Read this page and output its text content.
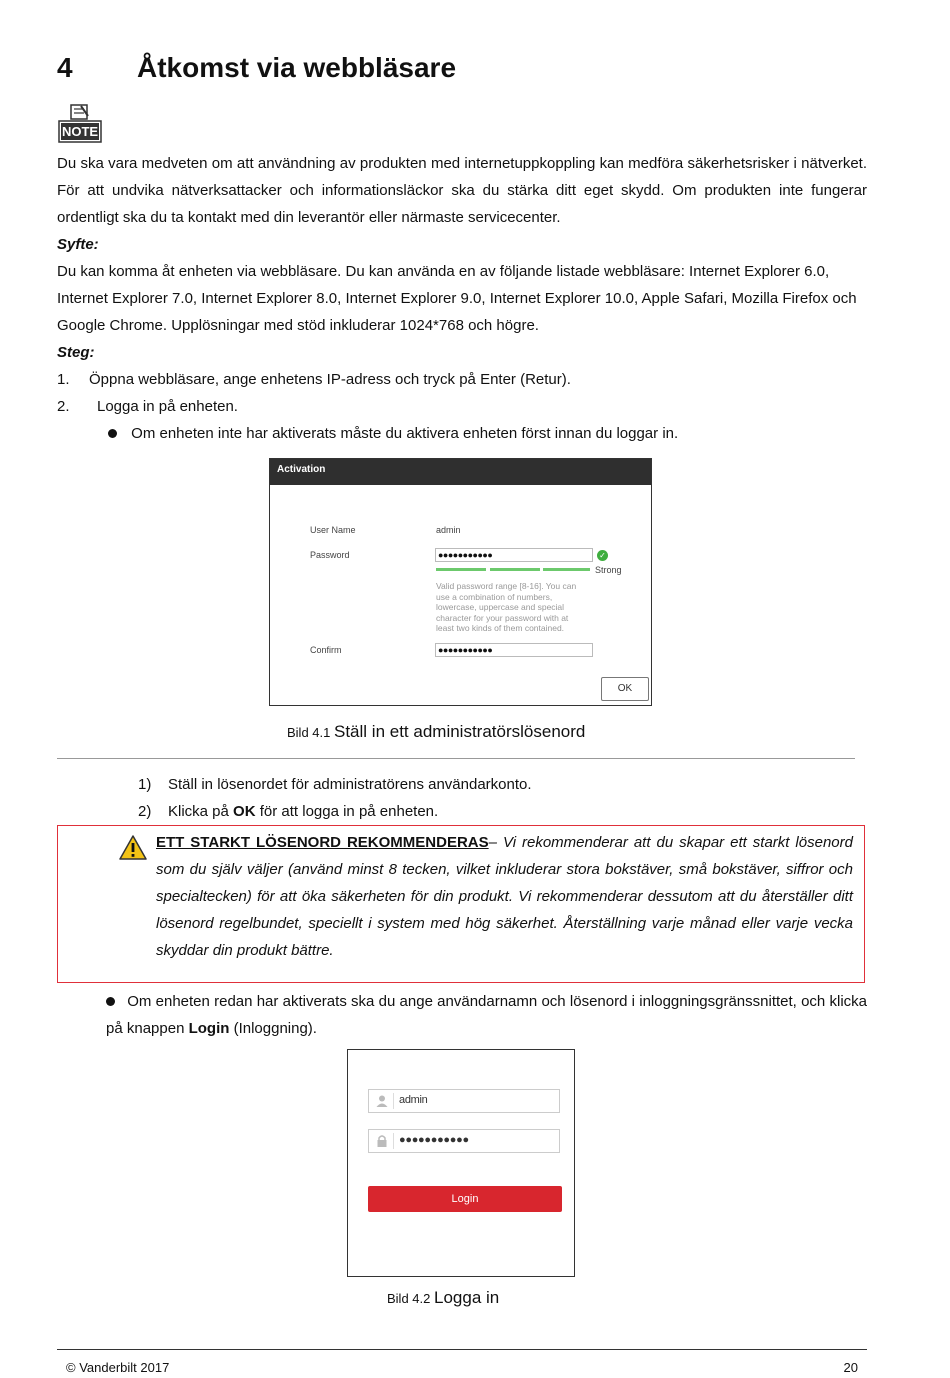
4 Åtkomst via webbläsare
NOTE
Du ska vara medveten om att användning av produkten med internetuppkoppling kan medföra säkerhetsrisker i nätverket. För att undvika nätverksattacker och informationsläckor ska du stärka ditt eget skydd. Om produkten inte fungerar ordentligt ska du ta kontakt med din leverantör eller närmaste servicecenter.
Syfte:
Du kan komma åt enheten via webbläsare. Du kan använda en av följande listade webbläsare: Internet Explorer 6.0, Internet Explorer 7.0, Internet Explorer 8.0, Internet Explorer 9.0, Internet Explorer 10.0, Apple Safari, Mozilla Firefox och Google Chrome. Upplösningar med stöd inkluderar 1024*768 och högre.
Steg:
1. Öppna webbläsare, ange enhetens IP-adress och tryck på Enter (Retur).
2. Logga in på enheten.
Om enheten inte har aktiverats måste du aktivera enheten först innan du loggar in.
Activation
User Name	admin
Password	●●●●●●●●●●●	✓
Strong
Valid password range [8-16]. You can use a combination of numbers, lowercase, uppercase and special character for your password with at least two kinds of them contained.
Confirm	●●●●●●●●●●●
OK
Bild 4.1 Ställ in ett administratörslösenord
1) Ställ in lösenordet för administratörens användarkonto.
2) Klicka på OK för att logga in på enheten.
ETT STARKT LÖSENORD REKOMMENDERAS– Vi rekommenderar att du skapar ett starkt lösenord som du själv väljer (använd minst 8 tecken, vilket inkluderar stora bokstäver, små bokstäver, siffror och specialtecken) för att öka säkerheten för din produkt. Vi rekommenderar dessutom att du återställer ditt lösenord regelbundet, speciellt i system med hög säkerhet. Återställning varje månad eller varje vecka skyddar din produkt bättre.
Om enheten redan har aktiverats ska du ange användarnamn och lösenord i inloggningsgränssnittet, och klicka på knappen Login (Inloggning).
admin
●●●●●●●●●●●
Login
Bild 4.2 Logga in
© Vanderbilt 2017	20
